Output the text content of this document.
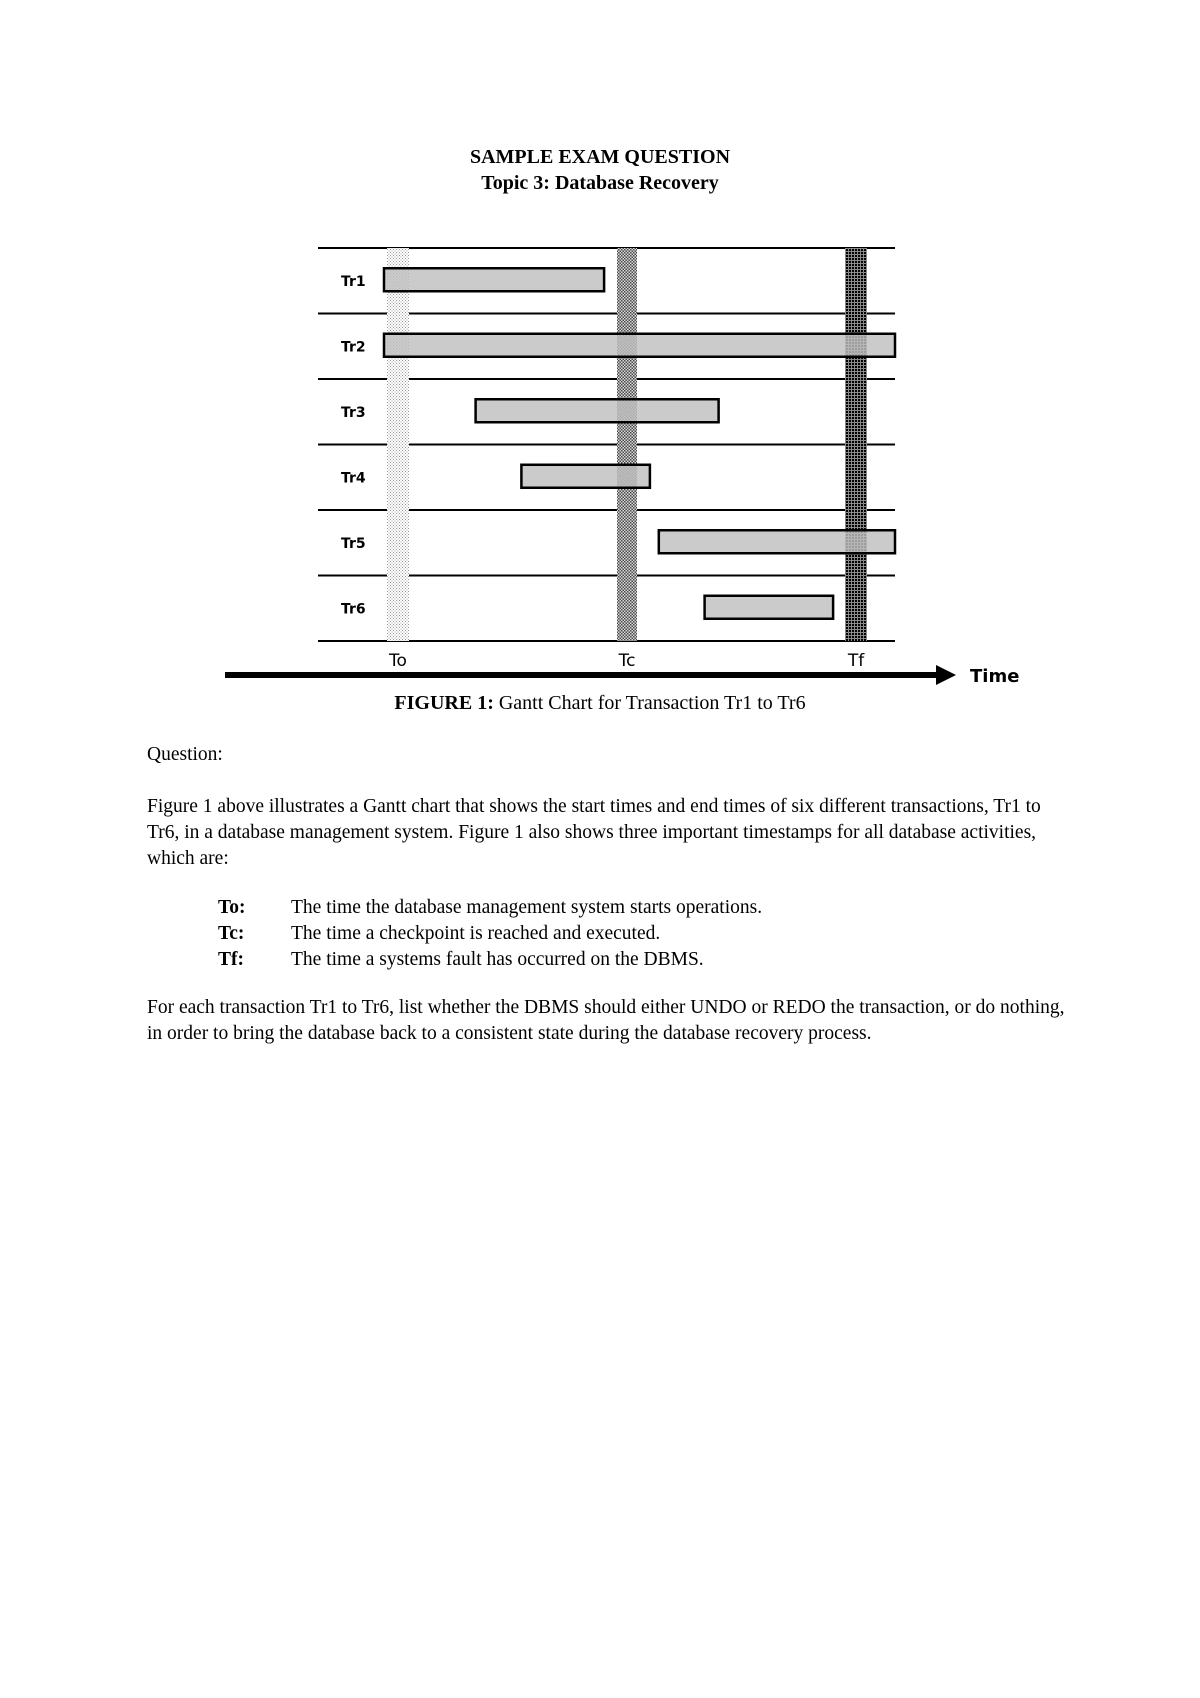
SAMPLE EXAM QUESTION
Topic 3: Database Recovery
To	Tc	Tf
Tr1
Tr2
Tr3
Tr4
Tr5
Tr6
Time
FIGURE 1: Gantt Chart for Transaction Tr1 to Tr6

Question:

Figure 1 above illustrates a Gantt chart that shows the start times and end times of six different transactions, Tr1 to Tr6, in a database management system. Figure 1 also shows three important timestamps for all database activities, which are:

To: The time the database management system starts operations.
Tc: The time a checkpoint is reached and executed.
Tf: The time a systems fault has occurred on the DBMS.

For each transaction Tr1 to Tr6, list whether the DBMS should either UNDO or REDO the transaction, or do nothing, in order to bring the database back to a consistent state during the database recovery process.
